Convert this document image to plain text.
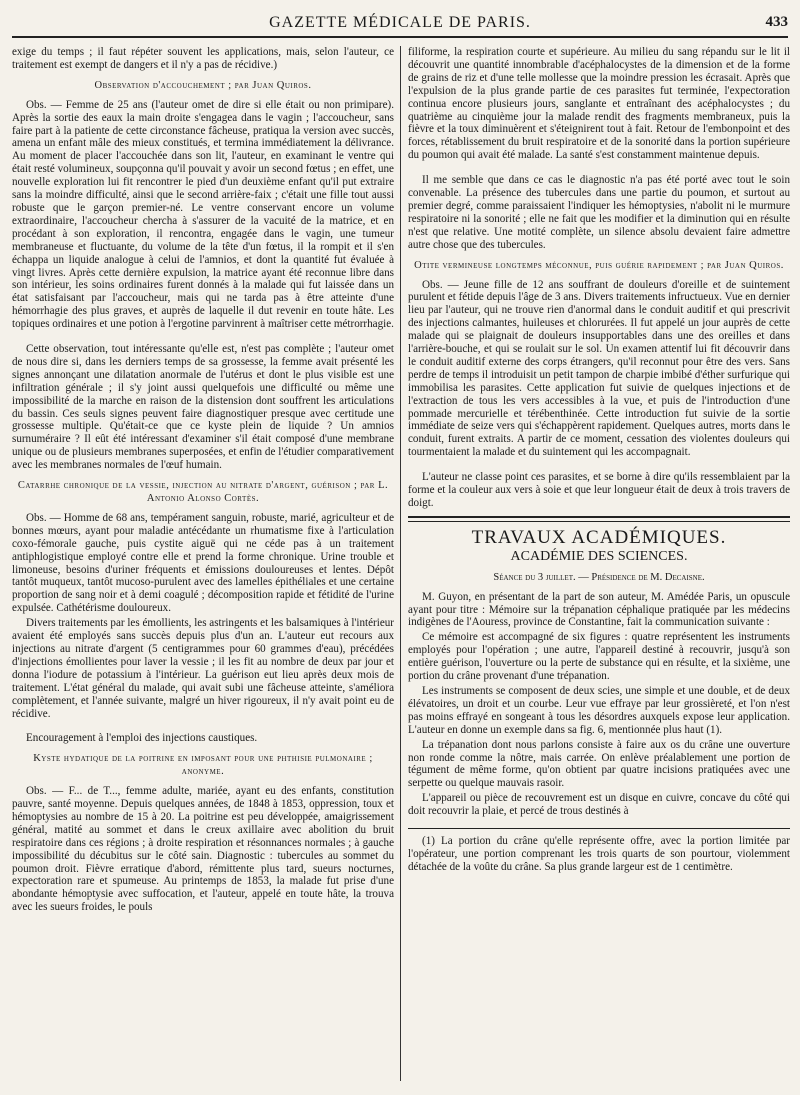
GAZETTE MÉDICALE DE PARIS.	433

exige du temps ; il faut répéter souvent les applications, mais, selon l'auteur, ce traitement est exempt de dangers et il n'y a pas de récidive.)

Observation d'accouchement ; par Juan Quiros.

Obs. — Femme de 25 ans (l'auteur omet de dire si elle était ou non primipare). Après la sortie des eaux la main droite s'engagea dans le vagin ; l'accoucheur, sans faire part à la patiente de cette circonstance fâcheuse, pratiqua la version avec succès, amena un enfant mâle des mieux constitués, et termina immédiatement la délivrance. Au moment de placer l'accouchée dans son lit, l'auteur, en examinant le ventre qui était resté volumineux, soupçonna qu'il pouvait y avoir un second fœtus ; en effet, une nouvelle exploration lui fit rencontrer le pied d'un deuxième enfant qu'il put extraire sans la moindre difficulté, ainsi que le second arrière-faix ; c'était une fille tout aussi robuste que le garçon premier-né. Le ventre conservant encore un volume extraordinaire, l'accoucheur chercha à s'assurer de la vacuité de la matrice, et en procédant à son exploration, il rencontra, engagée dans le vagin, une tumeur membraneuse et fluctuante, du volume de la tête d'un fœtus, il la rompit et il s'en échappa un liquide analogue à celui de l'amnios, et dont la quantité fut évaluée à vingt livres. Après cette dernière expulsion, la matrice ayant été reconnue libre dans son intérieur, les soins ordinaires furent donnés à la malade qui fut laissée dans un état satisfaisant par l'accoucheur, mais qui ne tarda pas à être atteinte d'une hémorrhagie des plus graves, et auprès de laquelle il dut revenir en toute hâte. Les topiques ordinaires et une potion à l'ergotine parvinrent à maîtriser cette métrorrhagie.

Cette observation, tout intéressante qu'elle est, n'est pas complète ; l'auteur omet de nous dire si, dans les derniers temps de sa grossesse, la femme avait présenté les signes annonçant une dilatation anormale de l'utérus et dont le plus visible est une infiltration générale ; il s'y joint aussi quelquefois une difficulté ou même une impossibilité de la marche en raison de la distension dont souffrent les articulations du bassin. Ces seuls signes peuvent faire diagnostiquer presque avec certitude une grossesse multiple. Qu'était-ce que ce kyste plein de liquide ? Un amnios surnuméraire ? Il eût été intéressant d'examiner s'il était composé d'une membrane unique ou de plusieurs membranes superposées, et enfin de l'étudier comparativement avec les membranes normales de l'œuf humain.

Catarrhe chronique de la vessie, injection au nitrate d'argent, guérison ; par L. Antonio Alonso Cortès.

Obs. — Homme de 68 ans, tempérament sanguin, robuste, marié, agriculteur et de bonnes mœurs, ayant pour maladie antécédante un rhumatisme fixe à l'articulation coxo-fémorale gauche, puis cystite aiguë qui ne céde pas à un traitement antiphlogistique employé contre elle et prend la forme chronique. Urine trouble et limoneuse, besoins d'uriner fréquents et émissions douloureuses et lentes. Dépôt tantôt muqueux, tantôt mucoso-purulent avec des lamelles épithéliales et une certaine proportion de sang noir et à demi coagulé ; décomposition rapide et fétidité de l'urine expulsée. Cathétérisme douloureux.

Divers traitements par les émollients, les astringents et les balsamiques à l'intérieur avaient été employés sans succès depuis plus d'un an. L'auteur eut recours aux injections au nitrate d'argent (5 centigrammes pour 60 grammes d'eau), précédées d'injections émollientes pour laver la vessie ; il les fit au nombre de deux par jour et donna l'iodure de potassium à l'intérieur. La guérison eut lieu après deux mois de traitement. L'état général du malade, qui avait subi une fâcheuse atteinte, s'améliora complètement, et l'année suivante, malgré un hiver rigoureux, il n'y avait point eu de récidive.

Encouragement à l'emploi des injections caustiques.

Kyste hydatique de la poitrine en imposant pour une phthisie pulmonaire ; anonyme.

Obs. — F... de T..., femme adulte, mariée, ayant eu des enfants, constitution pauvre, santé moyenne. Depuis quelques années, de 1848 à 1853, oppression, toux et hémoptysies au nombre de 15 à 20. La poitrine est peu développée, amaigrissement général, matité au sommet et dans le creux axillaire avec abolition du bruit respiratoire dans ces régions ; à droite respiration et résonnances normales ; à gauche impossibilité du décubitus sur le côté sain. Diagnostic : tubercules au sommet du poumon droit. Fièvre erratique d'abord, rémittente plus tard, sueurs nocturnes, expectoration rare et spumeuse. Au printemps de 1853, la malade fut prise d'une abondante hémoptysie avec suffocation, et l'auteur, appelé en toute hâte, la trouva avec les sueurs froides, le pouls

filiforme, la respiration courte et supérieure. Au milieu du sang répandu sur le lit il découvrit une quantité innombrable d'acéphalocystes de la dimension et de la forme de grains de riz et d'une telle mollesse que la moindre pression les écrasait. Après que l'expulsion de la plus grande partie de ces parasites fut terminée, l'expectoration continua encore plusieurs jours, sanglante et entraînant des acéphalocystes ; du quatrième au cinquième jour la malade rendit des fragments membraneux, puis la fièvre et la toux diminuèrent et s'éteignirent tout à fait. Retour de l'embonpoint et des forces, rétablissement du bruit respiratoire et de la sonorité dans la portion supérieure du poumon qui avait été malade. La santé s'est constamment maintenue depuis.

Il me semble que dans ce cas le diagnostic n'a pas été porté avec tout le soin convenable. La présence des tubercules dans une partie du poumon, et surtout au premier degré, comme paraissaient l'indiquer les hémoptysies, n'abolit ni le murmure respiratoire ni la sonorité ; elle ne fait que les modifier et la diminution qui en résulte n'est que relative. Une motité complète, un silence absolu devaient faire admettre autre chose que des tubercules.

Otite vermineuse longtemps méconnue, puis guérie rapidement ; par Juan Quiros.

Obs. — Jeune fille de 12 ans souffrant de douleurs d'oreille et de suintement purulent et fétide depuis l'âge de 3 ans. Divers traitements infructueux. Vue en dernier lieu par l'auteur, qui ne trouve rien d'anormal dans le conduit auditif et qui prescrivit des injections calmantes, huileuses et chlorurées. Il fut appelé un jour auprès de cette malade qui se plaignait de douleurs insupportables dans une des oreilles et dans l'arrière-bouche, et qui se roulait sur le sol. Un examen attentif lui fit découvrir dans le conduit auditif externe des corps étrangers, qu'il reconnut pour être des vers. Sans perdre de temps il introduisit un petit tampon de charpie imbibé d'éther surfurique qui immobilisa les parasites. Cette application fut suivie de quelques injections et de l'extraction de tous les vers accessibles à la vue, et puis de l'introduction d'une pommade mercurielle et térébenthinée. Cette introduction fut suivie de la sortie immédiate de seize vers qui s'échappèrent rapidement. Quelques autres, morts dans le conduit, furent extraits. A partir de ce moment, cessation des violentes douleurs qui tourmentaient la malade et du suintement qui les accompagnait.

L'auteur ne classe point ces parasites, et se borne à dire qu'ils ressemblaient par la forme et la couleur aux vers à soie et que leur longueur était de deux à trois travers de doigt.

TRAVAUX ACADÉMIQUES.
ACADÉMIE DES SCIENCES.
Séance du 3 juillet. — Présidence de M. Decaisne.

M. Guyon, en présentant de la part de son auteur, M. Amédée Paris, un opuscule ayant pour titre : Mémoire sur la trépanation céphalique pratiquée par les médecins indigènes de l'Aouress, province de Constantine, fait la communication suivante :

Ce mémoire est accompagné de six figures : quatre représentent les instruments employés pour l'opération ; une autre, l'appareil destiné à recouvrir, jusqu'à son entière guérison, l'ouverture ou la perte de substance qui en résulte, et la sixième, une portion du crâne provenant d'une trépanation.

Les instruments se composent de deux scies, une simple et une double, et de deux élévatoires, un droit et un courbe. Leur vue effraye par leur grossièreté, et l'on n'est pas moins effrayé en songeant à tous les désordres auxquels expose leur application. L'auteur en donne un exemple dans sa fig. 6, mentionnée plus haut (1).

La trépanation dont nous parlons consiste à faire aux os du crâne une ouverture non ronde comme la nôtre, mais carrée. On enlève préalablement une portion de tégument de même forme, qu'on obtient par quatre incisions pratiquées avec une serpette ou quelque mauvais rasoir.

L'appareil ou pièce de recouvrement est un disque en cuivre, concave du côté qui doit recouvrir la plaie, et percé de trous destinés à

(1) La portion du crâne qu'elle représente offre, avec la portion limitée par l'opérateur, une portion comprenant les trois quarts de son pourtour, violemment détachée de la voûte du crâne. Sa plus grande largeur est de 1 centimètre.
